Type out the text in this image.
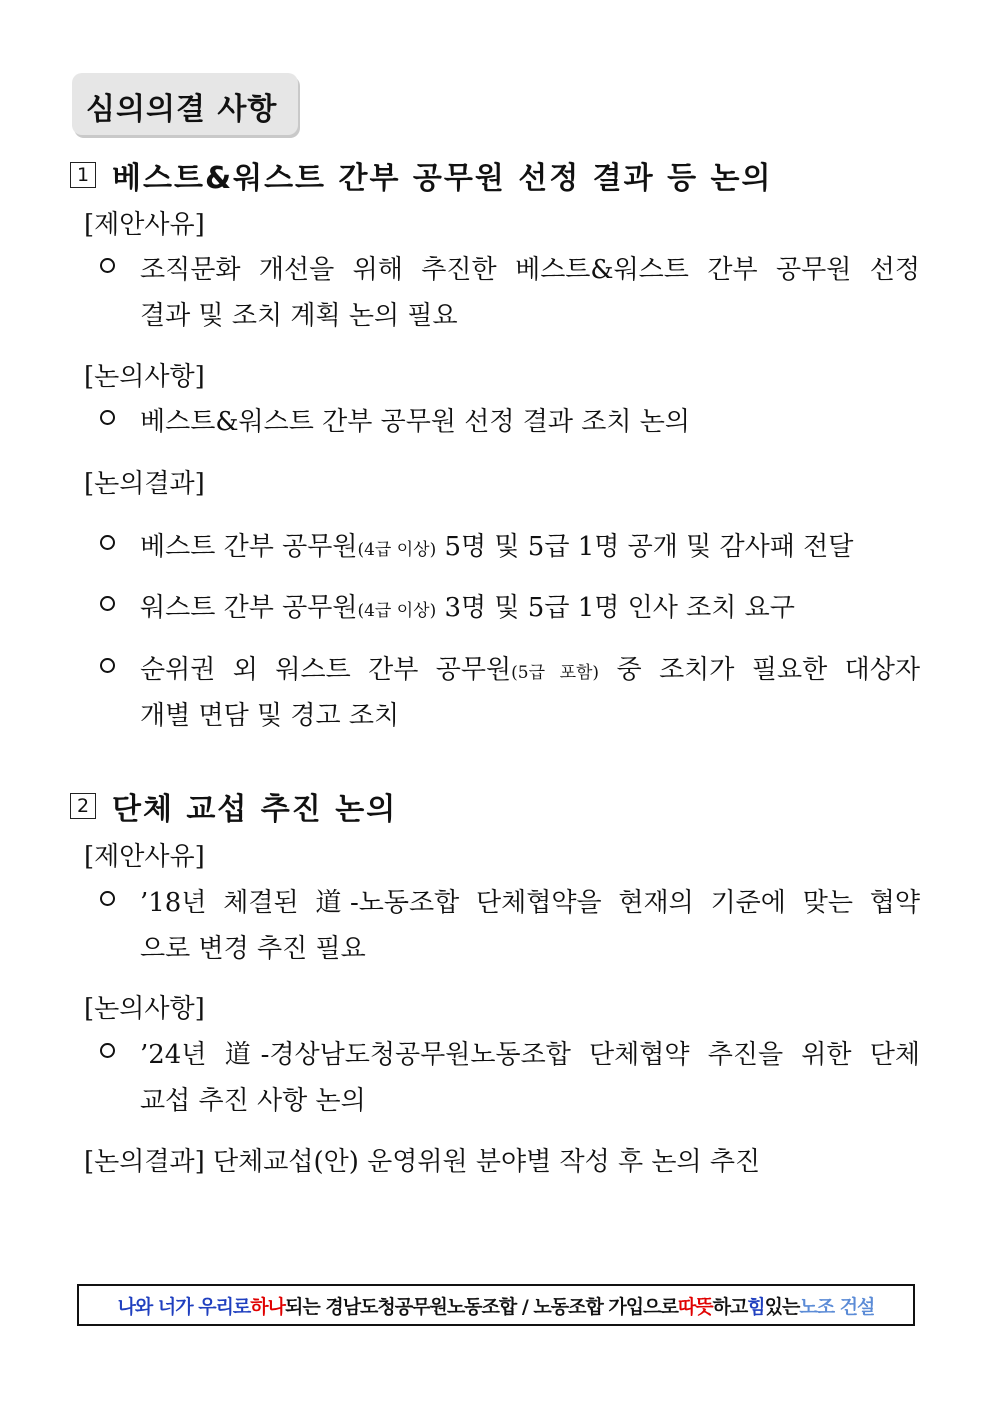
심의의결 사항
1 베스트&워스트 간부 공무원 선정 결과 등 논의
[제안사유]
조직문화 개선을 위해 추진한 베스트&워스트 간부 공무원 선정
결과 및 조치 계획 논의 필요
[논의사항]
베스트&워스트 간부 공무원 선정 결과 조치 논의
[논의결과]
베스트 간부 공무원(4급 이상) 5명 및 5급 1명 공개 및 감사패 전달
워스트 간부 공무원(4급 이상) 3명 및 5급 1명 인사 조치 요구
순위권 외 워스트 간부 공무원(5급 포함) 중 조치가 필요한 대상자
개별 면담 및 경고 조치
2 단체 교섭 추진 논의
[제안사유]
’18년 체결된 道-노동조합 단체협약을 현재의 기준에 맞는 협약
으로 변경 추진 필요
[논의사항]
’24년 道-경상남도청공무원노동조합 단체협약 추진을 위한 단체
교섭 추진 사항 논의
[논의결과] 단체교섭(안) 운영위원 분야별 작성 후 논의 추진
나와 너가 우리로 하나 되는 경남도청공무원노동조합 / 노동조합 가입으로 따뜻 하고 힘 있는 노조 건설
